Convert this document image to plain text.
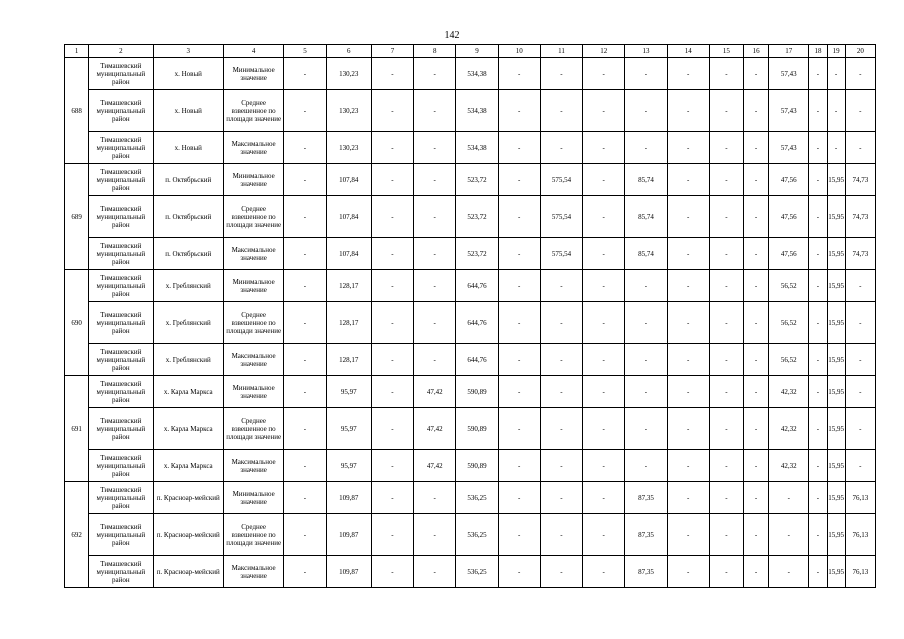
142
1	2	3	4	5	6	7	8	9	10	11	12	13	14	15	16	17	18	19	20
688	Тимашевский муниципальный район	х. Новый	Минимальное значение	-	130,23	-	-	534,38	-	-	-	-	-	-	-	57,43	-	-	-
	Тимашевский муниципальный район	х. Новый	Среднее взвешенное по площади значение	-	130,23	-	-	534,38	-	-	-	-	-	-	-	57,43	-	-	-
	Тимашевский муниципальный район	х. Новый	Максимальное значение	-	130,23	-	-	534,38	-	-	-	-	-	-	-	57,43	-	-	-
689	Тимашевский муниципальный район	п. Октябрьский	Минимальное значение	-	107,84	-	-	523,72	-	575,54	-	85,74	-	-	-	47,56	-	15,95	74,73
	Тимашевский муниципальный район	п. Октябрьский	Среднее взвешенное по площади значение	-	107,84	-	-	523,72	-	575,54	-	85,74	-	-	-	47,56	-	15,95	74,73
	Тимашевский муниципальный район	п. Октябрьский	Максимальное значение	-	107,84	-	-	523,72	-	575,54	-	85,74	-	-	-	47,56	-	15,95	74,73
690	Тимашевский муниципальный район	х. Греблянский	Минимальное значение	-	128,17	-	-	644,76	-	-	-	-	-	-	-	56,52	-	15,95	-
	Тимашевский муниципальный район	х. Греблянский	Среднее взвешенное по площади значение	-	128,17	-	-	644,76	-	-	-	-	-	-	-	56,52	-	15,95	-
	Тимашевский муниципальный район	х. Греблянский	Максимальное значение	-	128,17	-	-	644,76	-	-	-	-	-	-	-	56,52	-	15,95	-
691	Тимашевский муниципальный район	х. Карла Маркса	Минимальное значение	-	95,97	-	47,42	590,89	-	-	-	-	-	-	-	42,32	-	15,95	-
	Тимашевский муниципальный район	х. Карла Маркса	Среднее взвешенное по площади значение	-	95,97	-	47,42	590,89	-	-	-	-	-	-	-	42,32	-	15,95	-
	Тимашевский муниципальный район	х. Карла Маркса	Максимальное значение	-	95,97	-	47,42	590,89	-	-	-	-	-	-	-	42,32	-	15,95	-
692	Тимашевский муниципальный район	п. Красноар-мейский	Минимальное значение	-	109,87	-	-	536,25	-	-	-	87,35	-	-	-	-	-	15,95	76,13
	Тимашевский муниципальный район	п. Красноар-мейский	Среднее взвешенное по площади значение	-	109,87	-	-	536,25	-	-	-	87,35	-	-	-	-	-	15,95	76,13
	Тимашевский муниципальный район	п. Красноар-мейский	Максимальное значение	-	109,87	-	-	536,25	-	-	-	87,35	-	-	-	-	-	15,95	76,13
